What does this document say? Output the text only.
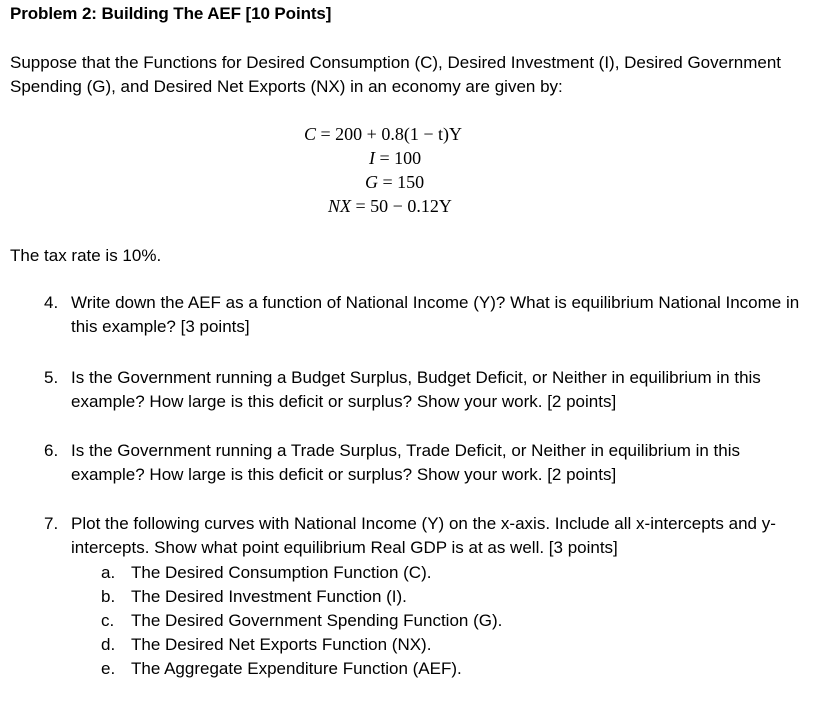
Problem 2: Building The AEF [10 Points]
Suppose that the Functions for Desired Consumption (C), Desired Investment (I), Desired Government Spending (G), and Desired Net Exports (NX) in an economy are given by:
C = 200 + 0.8(1 − t)Y
I = 100
G = 150
NX = 50 − 0.12Y
The tax rate is 10%.
4. Write down the AEF as a function of National Income (Y)? What is equilibrium National Income in this example? [3 points]
5. Is the Government running a Budget Surplus, Budget Deficit, or Neither in equilibrium in this example? How large is this deficit or surplus? Show your work. [2 points]
6. Is the Government running a Trade Surplus, Trade Deficit, or Neither in equilibrium in this example? How large is this deficit or surplus? Show your work. [2 points]
7. Plot the following curves with National Income (Y) on the x-axis. Include all x-intercepts and y-intercepts. Show what point equilibrium Real GDP is at as well. [3 points]
a. The Desired Consumption Function (C).
b. The Desired Investment Function (I).
c. The Desired Government Spending Function (G).
d. The Desired Net Exports Function (NX).
e. The Aggregate Expenditure Function (AEF).
